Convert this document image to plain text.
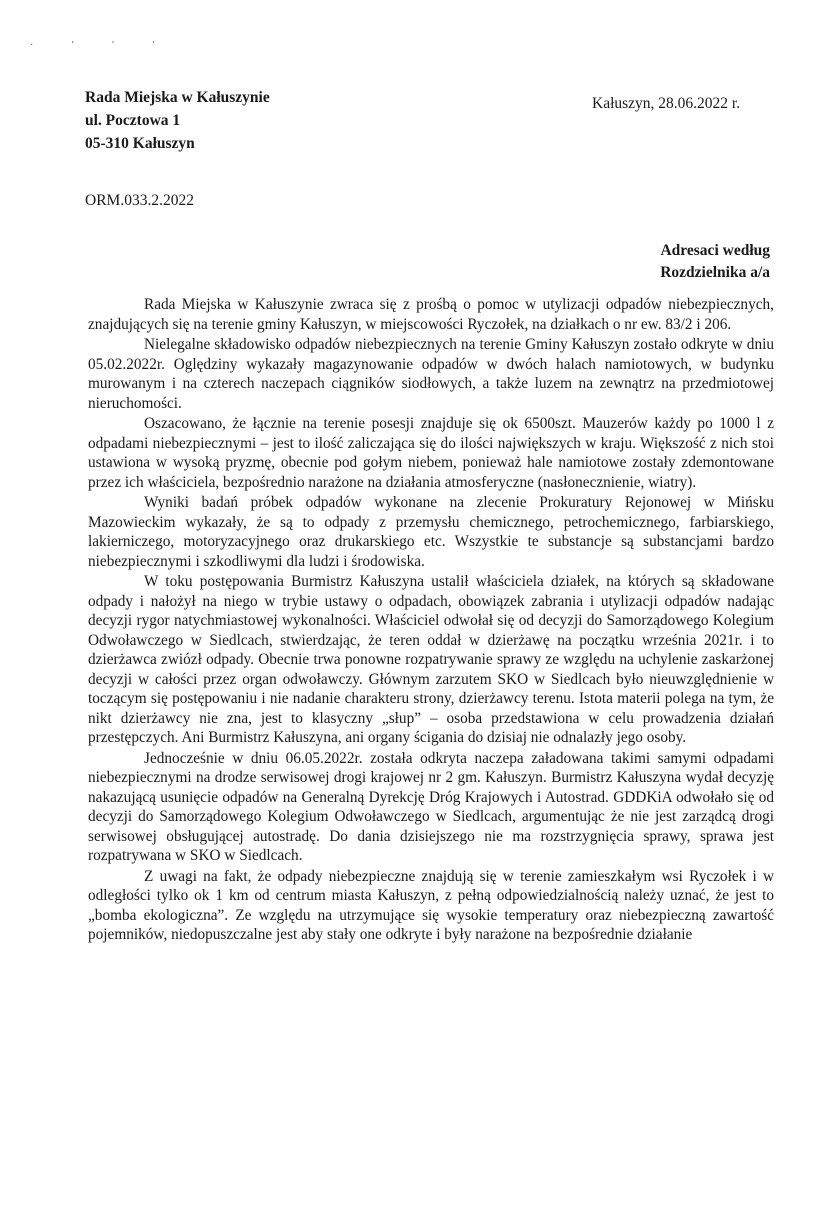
· ' ' '
Rada Miejska w Kałuszynie
ul. Pocztowa 1
05-310 Kałuszyn
Kałuszyn, 28.06.2022 r.
ORM.033.2.2022
Adresaci według
Rozdzielnika a/a

Rada Miejska w Kałuszynie zwraca się z prośbą o pomoc w utylizacji odpadów niebezpiecznych, znajdujących się na terenie gminy Kałuszyn, w miejscowości Ryczołek, na działkach o nr ew. 83/2 i 206.

Nielegalne składowisko odpadów niebezpiecznych na terenie Gminy Kałuszyn zostało odkryte w dniu 05.02.2022r. Oględziny wykazały magazynowanie odpadów w dwóch halach namiotowych, w budynku murowanym i na czterech naczepach ciągników siodłowych, a także luzem na zewnątrz na przedmiotowej nieruchomości.

Oszacowano, że łącznie na terenie posesji znajduje się ok 6500szt. Mauzerów każdy po 1000 l z odpadami niebezpiecznymi – jest to ilość zaliczająca się do ilości największych w kraju. Większość z nich stoi ustawiona w wysoką pryzmę, obecnie pod gołym niebem, ponieważ hale namiotowe zostały zdemontowane przez ich właściciela, bezpośrednio narażone na działania atmosferyczne (nasłonecznienie, wiatry).

Wyniki badań próbek odpadów wykonane na zlecenie Prokuratury Rejonowej w Mińsku Mazowieckim wykazały, że są to odpady z przemysłu chemicznego, petrochemicznego, farbiarskiego, lakierniczego, motoryzacyjnego oraz drukarskiego etc. Wszystkie te substancje są substancjami bardzo niebezpiecznymi i szkodliwymi dla ludzi i środowiska.

W toku postępowania Burmistrz Kałuszyna ustalił właściciela działek, na których są składowane odpady i nałożył na niego w trybie ustawy o odpadach, obowiązek zabrania i utylizacji odpadów nadając decyzji rygor natychmiastowej wykonalności. Właściciel odwołał się od decyzji do Samorządowego Kolegium Odwoławczego w Siedlcach, stwierdzając, że teren oddał w dzierżawę na początku września 2021r. i to dzierżawca zwiózł odpady. Obecnie trwa ponowne rozpatrywanie sprawy ze względu na uchylenie zaskarżonej decyzji w całości przez organ odwoławczy. Głównym zarzutem SKO w Siedlcach było nieuwzględnienie w toczącym się postępowaniu i nie nadanie charakteru strony, dzierżawcy terenu. Istota materii polega na tym, że nikt dzierżawcy nie zna, jest to klasyczny „słup” – osoba przedstawiona w celu prowadzenia działań przestępczych. Ani Burmistrz Kałuszyna, ani organy ścigania do dzisiaj nie odnalazły jego osoby.

Jednocześnie w dniu 06.05.2022r. została odkryta naczepa załadowana takimi samymi odpadami niebezpiecznymi na drodze serwisowej drogi krajowej nr 2 gm. Kałuszyn. Burmistrz Kałuszyna wydał decyzję nakazującą usunięcie odpadów na Generalną Dyrekcję Dróg Krajowych i Autostrad. GDDKiA odwołało się od decyzji do Samorządowego Kolegium Odwoławczego w Siedlcach, argumentując że nie jest zarządcą drogi serwisowej obsługującej autostradę. Do dania dzisiejszego nie ma rozstrzygnięcia sprawy, sprawa jest rozpatrywana w SKO w Siedlcach.

Z uwagi na fakt, że odpady niebezpieczne znajdują się w terenie zamieszkałym wsi Ryczołek i w odległości tylko ok 1 km od centrum miasta Kałuszyn, z pełną odpowiedzialnością należy uznać, że jest to „bomba ekologiczna”. Ze względu na utrzymujące się wysokie temperatury oraz niebezpieczną zawartość pojemników, niedopuszczalne jest aby stały one odkryte i były narażone na bezpośrednie działanie
